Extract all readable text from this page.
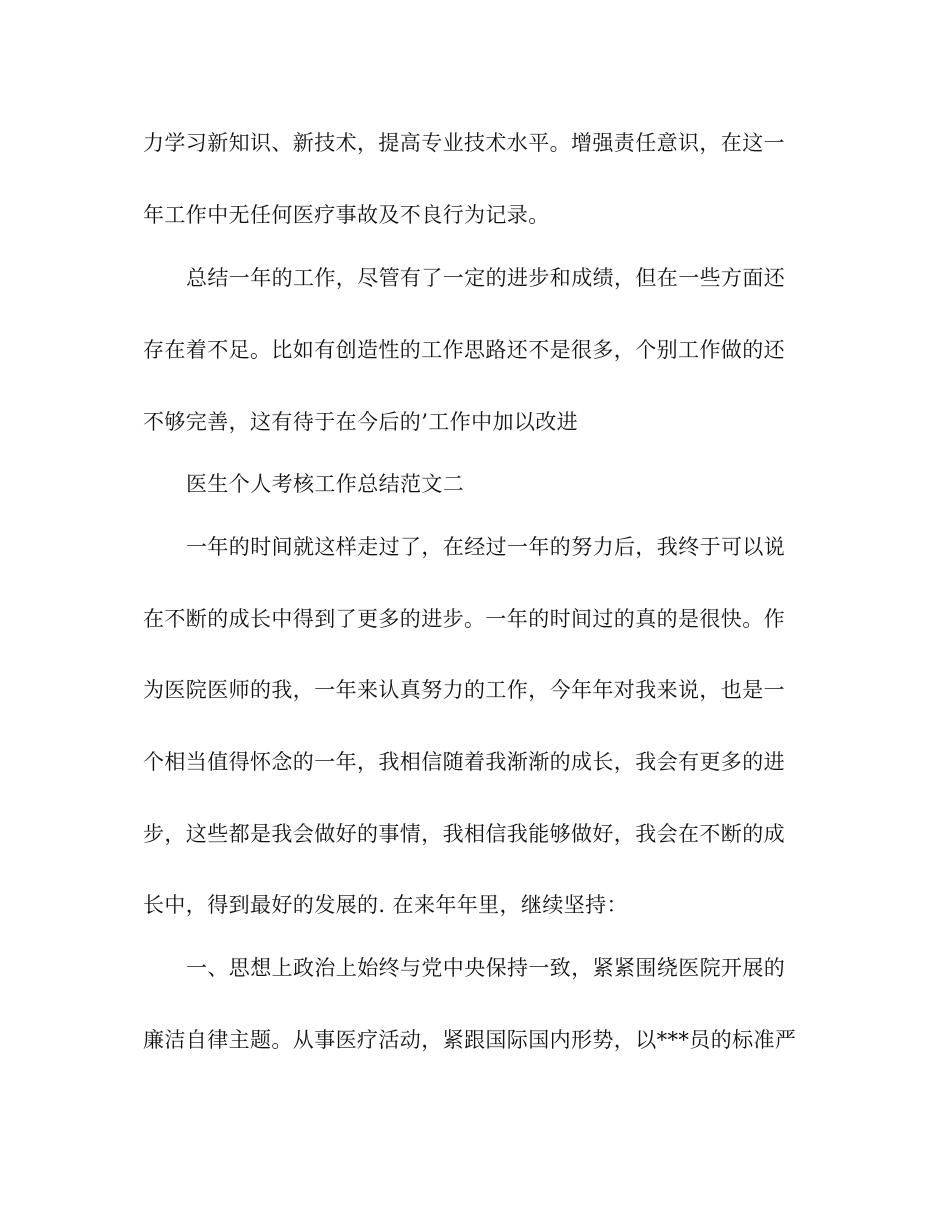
力学习新知识、新技术，提高专业技术水平。增强责任意识，在这一

年工作中无任何医疗事故及不良行为记录。

总结一年的工作，尽管有了一定的进步和成绩，但在一些方面还

存在着不足。比如有创造性的工作思路还不是很多，个别工作做的还

不够完善，这有待于在今后的’工作中加以改进

医生个人考核工作总结范文二

一年的时间就这样走过了，在经过一年的努力后，我终于可以说

在不断的成长中得到了更多的进步。一年的时间过的真的是很快。作

为医院医师的我，一年来认真努力的工作，今年年对我来说，也是一

个相当值得怀念的一年，我相信随着我渐渐的成长，我会有更多的进

步，这些都是我会做好的事情，我相信我能够做好，我会在不断的成

长中，得到最好的发展的. 在来年年里，继续坚持：

一、思想上政治上始终与党中央保持一致，紧紧围绕医院开展的

廉洁自律主题。从事医疗活动，紧跟国际国内形势，以***员的标准严
